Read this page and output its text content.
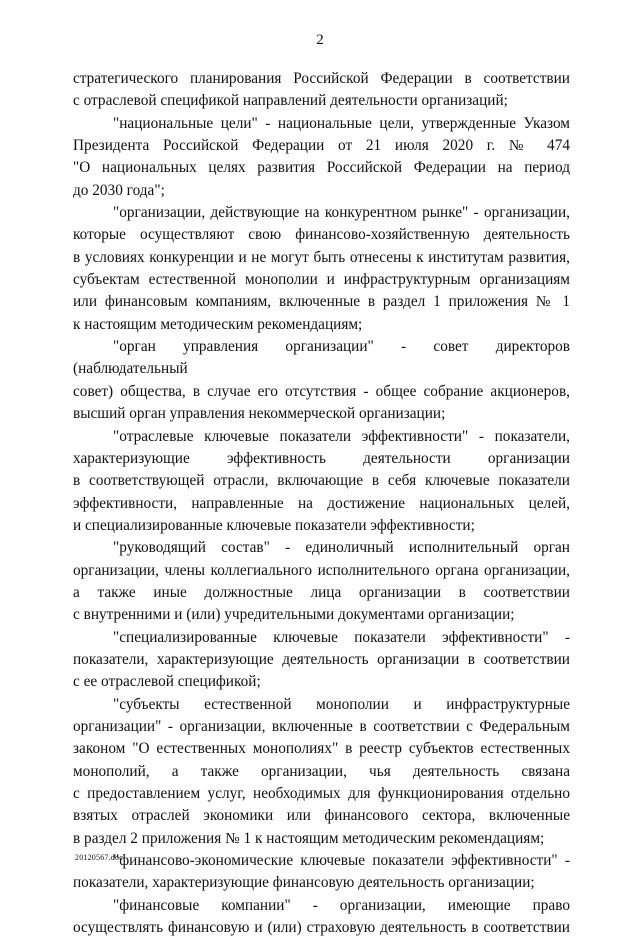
2

стратегического планирования Российской Федерации в соответствии

с отраслевой спецификой направлений деятельности организаций;

"национальные цели" - национальные цели, утвержденные Указом

Президента Российской Федерации от 21 июля 2020 г. № 474

"О национальных целях развития Российской Федерации на период

до 2030 года";

"организации, действующие на конкурентном рынке" - организации,

которые осуществляют свою финансово-хозяйственную деятельность

в условиях конкуренции и не могут быть отнесены к институтам развития,

субъектам естественной монополии и инфраструктурным организациям

или финансовым компаниям, включенные в раздел 1 приложения № 1

к настоящим методическим рекомендациям;

"орган управления организации" - совет директоров (наблюдательный

совет) общества, в случае его отсутствия - общее собрание акционеров,

высший орган управления некоммерческой организации;

"отраслевые ключевые показатели эффективности" - показатели,

характеризующие эффективность деятельности организации

в соответствующей отрасли, включающие в себя ключевые показатели

эффективности, направленные на достижение национальных целей,

и специализированные ключевые показатели эффективности;

"руководящий состав" - единоличный исполнительный орган

организации, члены коллегиального исполнительного органа организации,

а также иные должностные лица организации в соответствии

с внутренними и (или) учредительными документами организации;

"специализированные ключевые показатели эффективности" -

показатели, характеризующие деятельность организации в соответствии

с ее отраслевой спецификой;

"субъекты естественной монополии и инфраструктурные

организации" - организации, включенные в соответствии с Федеральным

законом "О естественных монополиях" в реестр субъектов естественных

монополий, а также организации, чья деятельность связана

с предоставлением услуг, необходимых для функционирования отдельно

взятых отраслей экономики или финансового сектора, включенные

в раздел 2 приложения № 1 к настоящим методическим рекомендациям;

"финансово-экономические ключевые показатели эффективности" -

показатели, характеризующие финансовую деятельность организации;

"финансовые компании" - организации, имеющие право

осуществлять финансовую и (или) страховую деятельность в соответствии

20120567.doc
